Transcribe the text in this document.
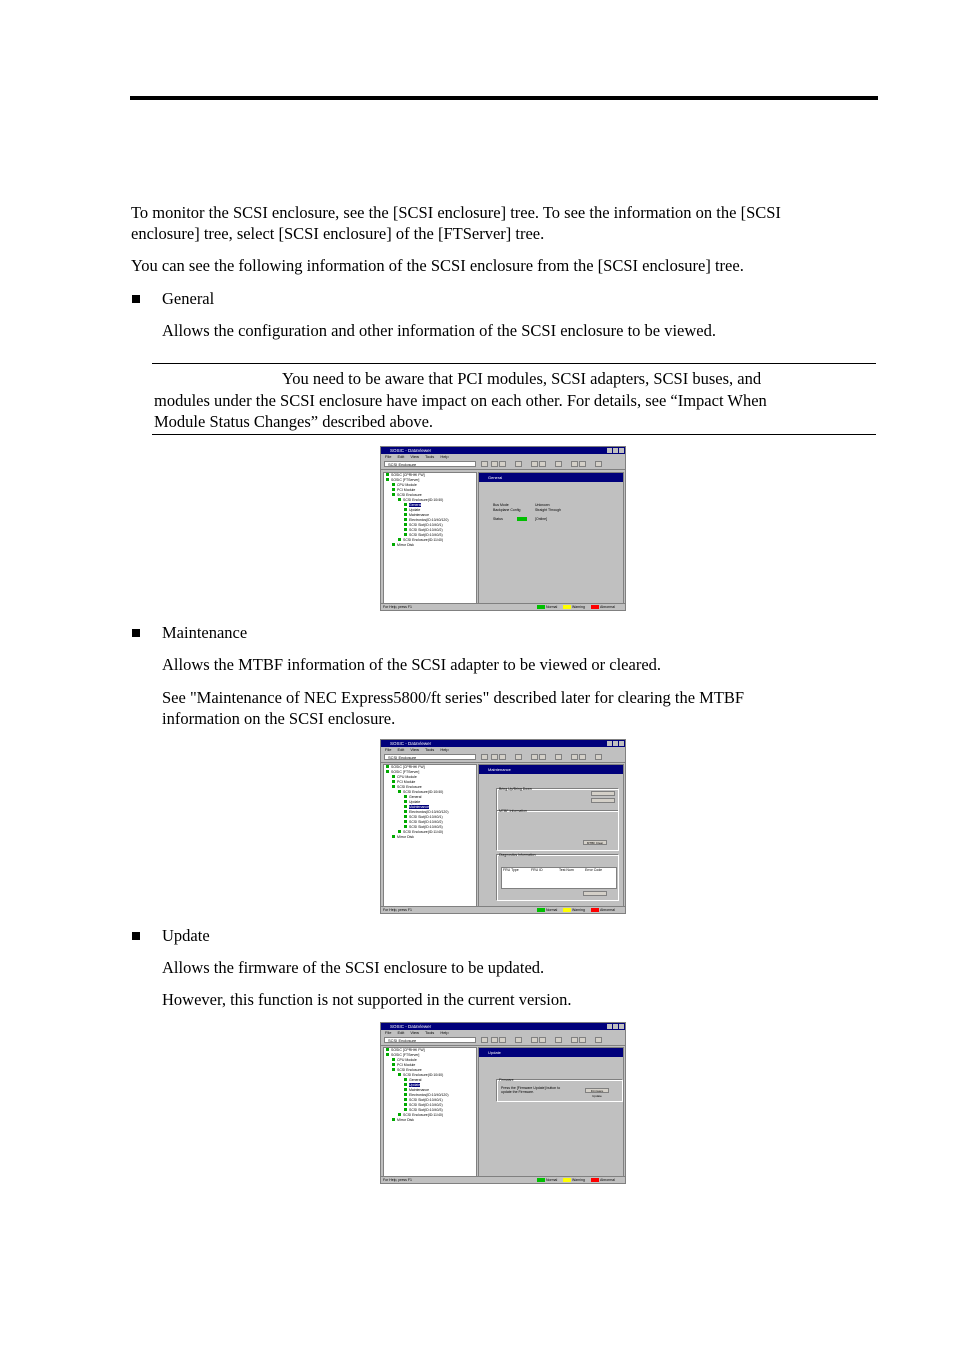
To monitor the SCSI enclosure, see the [SCSI enclosure] tree. To see the information on the [SCSI

enclosure] tree, select [SCSI enclosure] of the [FTServer] tree.

You can see the following information of the SCSI enclosure from the [SCSI enclosure] tree.

General

Allows the configuration and other information of the SCSI enclosure to be viewed.

You need to be aware that PCI modules, SCSI adapters, SCSI buses, and
modules under the SCSI enclosure have impact on each other. For details, see “Impact When
Module Status Changes” described above.
SOSIC - DataViewer
File Edit View Tools Help
SCSI Enclosure
SOSIC [CPRHHI FW]
SOSIC [FTServer]
CPU Module
PCI Module
SCSI Enclosure
SCSI Enclosure(ID:10/40)
General
Update
Maintenance
Electronics(ID:10/40/120)
SCSI Slot(ID:10/40/1)
SCSI Slot(ID:10/40/2)
SCSI Slot(ID:10/40/3)
SCSI Enclosure(ID:11/40)
Mirror Disk
General
Bus Mode	Unknown
Backplane Config	Straight Through
Status	[Online]
For Help, press F1	Normal	Warning	Abnormal
Maintenance

Allows the MTBF information of the SCSI adapter to be viewed or cleared.

See "Maintenance of NEC Express5800/ft series" described later for clearing the MTBF

information on the SCSI enclosure.

SOSIC - DataViewer
File Edit View Tools Help
SCSI Enclosure
SOSIC [CPRHHI FW]
SOSIC [FTServer]
CPU Module
PCI Module
SCSI Enclosure
SCSI Enclosure(ID:10/40)
General
Update
Maintenance
Electronics(ID:10/40/120)
SCSI Slot(ID:10/40/1)
SCSI Slot(ID:10/40/2)
SCSI Slot(ID:10/40/3)
SCSI Enclosure(ID:11/40)
Mirror Disk
Maintenance
Bring Up/Bring Down
MTBF Information
MTBF Clear
Diagnostics Information
FRU Type	FRU ID	Test Num	Error Code
For Help, press F1	Normal	Warning	Abnormal
Update

Allows the firmware of the SCSI enclosure to be updated.

However, this function is not supported in the current version.

SOSIC - DataViewer
File Edit View Tools Help
SCSI Enclosure
SOSIC [CPRHHI FW]
SOSIC [FTServer]
CPU Module
PCI Module
SCSI Enclosure
SCSI Enclosure(ID:10/40)
General
Update
Maintenance
Electronics(ID:10/40/120)
SCSI Slot(ID:10/40/1)
SCSI Slot(ID:10/40/2)
SCSI Slot(ID:10/40/3)
SCSI Enclosure(ID:11/40)
Mirror Disk
Update
Firmware
Press the [Firmware Update] button to update the Firmware.	Firmware Update
For Help, press F1	Normal	Warning	Abnormal
